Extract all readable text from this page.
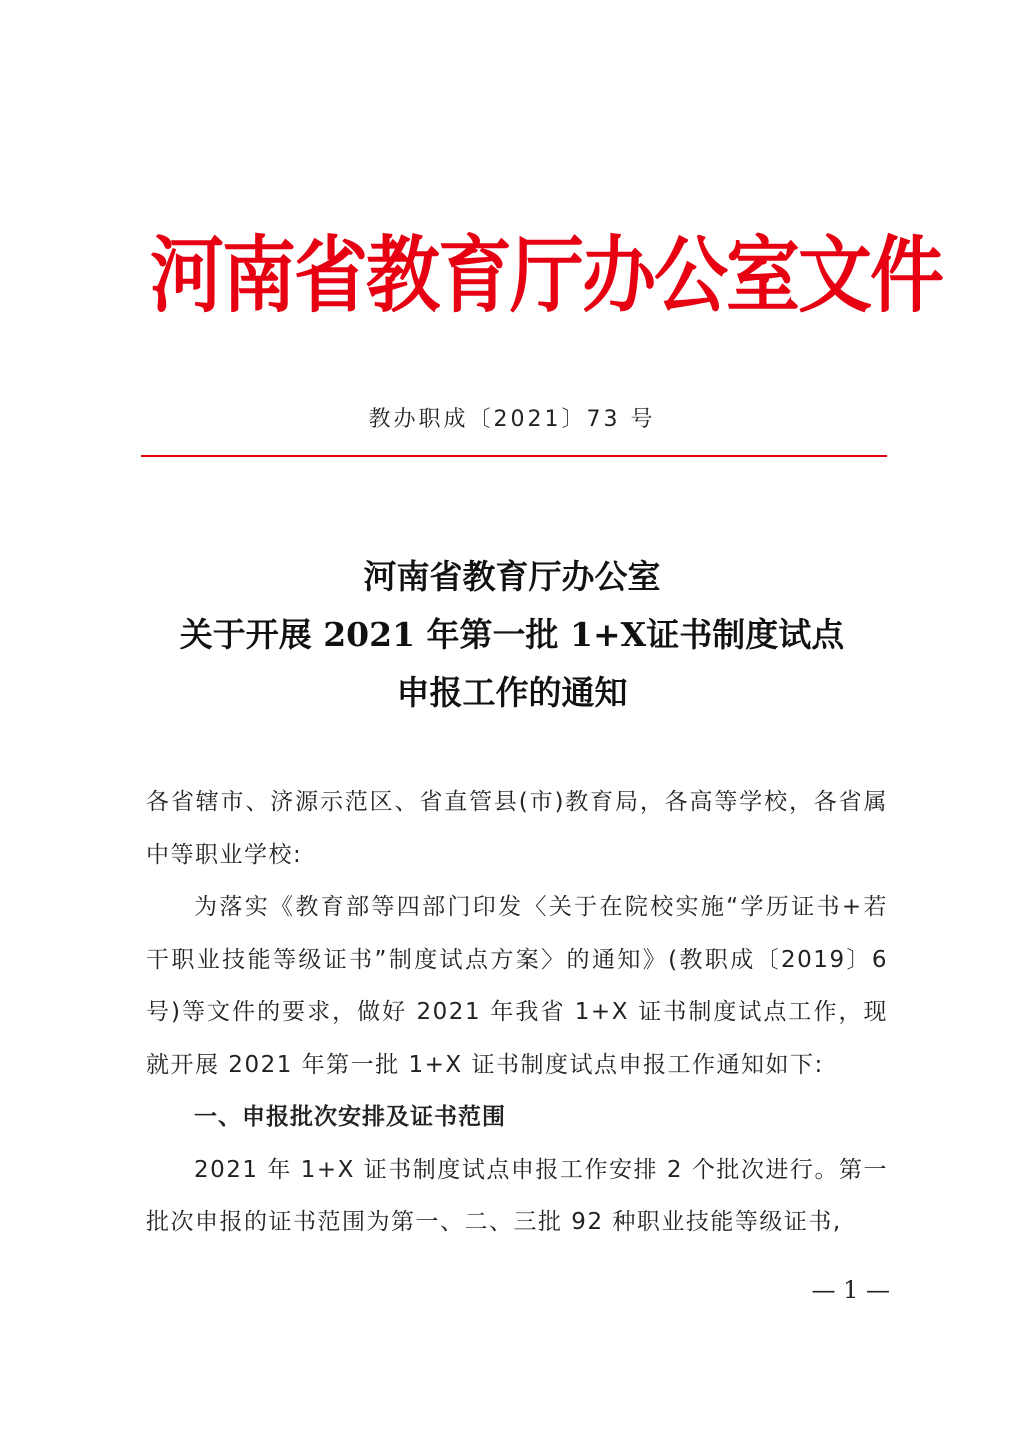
河南省教育厅办公室文件
教办职成〔2021〕73 号
河南省教育厅办公室
关于开展 2021 年第一批 1+X证书制度试点
申报工作的通知

各省辖市、济源示范区、省直管县(市)教育局，各高等学校，各省属中等职业学校:

为落实《教育部等四部门印发〈关于在院校实施“学历证书+若干职业技能等级证书”制度试点方案〉的通知》(教职成〔2019〕6号)等文件的要求，做好 2021 年我省 1+X 证书制度试点工作，现就开展 2021 年第一批 1+X 证书制度试点申报工作通知如下:

一、申报批次安排及证书范围

2021 年 1+X 证书制度试点申报工作安排 2 个批次进行。第一批次申报的证书范围为第一、二、三批 92 种职业技能等级证书,

— 1 —
